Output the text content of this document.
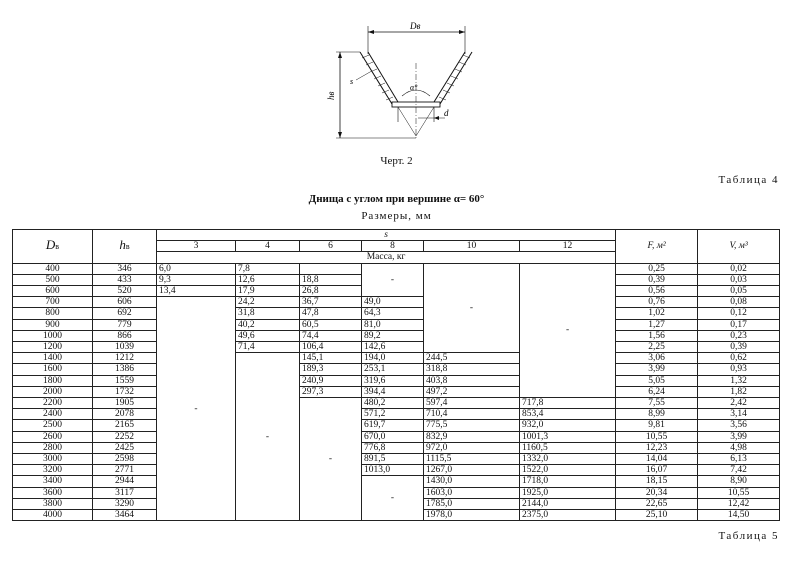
Dв
α°
d
hв
s
Черт. 2
Таблица 4
Днища с углом при вершине α= 60°
Размеры, мм
Dв	hв	s						F, м²	V, м³
		3	4	6	8	10	12		
		Масса, кг							
400	346	6,0	7,8		-	-	-	0,25	0,02
500	433	9,3	12,6	18,8				0,39	0,03
600	520	13,4	17,9	26,8				0,56	0,05
700	606	-	24,2	36,7	49,0			0,76	0,08
800	692		31,8	47,8	64,3			1,02	0,12
900	779		40,2	60,5	81,0			1,27	0,17
1000	866		49,6	74,4	89,2			1,56	0,23
1200	1039		71,4	106,4	142,6			2,25	0,39
1400	1212		-	145,1	194,0	244,5		3,06	0,62
1600	1386			189,3	253,1	318,8		3,99	0,93
1800	1559			240,9	319,6	403,8		5,05	1,32
2000	1732			297,3	394,4	497,2		6,24	1,82
2200	1905			-	480,2	597,4	717,8	7,55	2,42
2400	2078				571,2	710,4	853,4	8,99	3,14
2500	2165				619,7	775,5	932,0	9,81	3,56
2600	2252				670,0	832,9	1001,3	10,55	3,99
2800	2425				776,8	972,0	1160,5	12,23	4,98
3000	2598				891,5	1115,5	1332,0	14,04	6,13
3200	2771				1013,0	1267,0	1522,0	16,07	7,42
3400	2944				-	1430,0	1718,0	18,15	8,90
3600	3117					1603,0	1925,0	20,34	10,55
3800	3290					1785,0	2144,0	22,65	12,42
4000	3464					1978,0	2375,0	25,10	14,50
Таблица 5
